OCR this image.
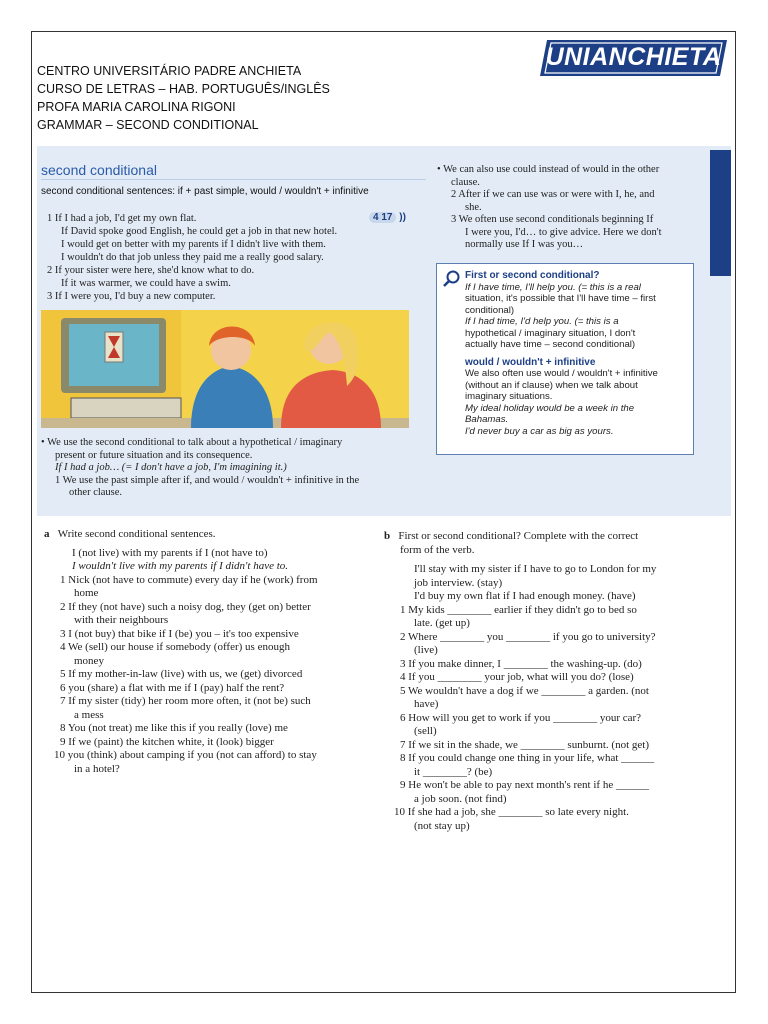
CENTRO UNIVERSITÁRIO PADRE ANCHIETA
CURSO DE LETRAS – HAB. PORTUGUÊS/INGLÊS
PROFA MARIA CAROLINA RIGONI
GRAMMAR – SECOND CONDITIONAL
UNIANCHIETA
second conditional
second conditional sentences: if + past simple, would / wouldn't + infinitive
4 17 ))
1 If I had a job, I'd get my own flat.
If David spoke good English, he could get a job in that new hotel.
I would get on better with my parents if I didn't live with them.
I wouldn't do that job unless they paid me a really good salary.
2 If your sister were here, she'd know what to do.
If it was warmer, we could have a swim.
3 If I were you, I'd buy a new computer.
• We use the second conditional to talk about a hypothetical / imaginary
present or future situation and its consequence.
If I had a job… (= I don't have a job, I'm imagining it.)
1 We use the past simple after if, and would / wouldn't + infinitive in the
other clause.
• We can also use could instead of would in the other
clause.
2 After if we can use was or were with I, he, and
she.
3 We often use second conditionals beginning If
I were you, I'd… to give advice. Here we don't
normally use If I was you…
First or second conditional?
If I have time, I'll help you. (= this is a real
situation, it's possible that I'll have time – first
conditional)
If I had time, I'd help you. (= this is a
hypothetical / imaginary situation, I don't
actually have time – second conditional)
would / wouldn't + infinitive
We also often use would / wouldn't + infinitive
(without an if clause) when we talk about
imaginary situations.
My ideal holiday would be a week in the
Bahamas.
I'd never buy a car as big as yours.
a Write second conditional sentences.
I (not live) with my parents if I (not have to)
I wouldn't live with my parents if I didn't have to.
1 Nick (not have to commute) every day if he (work) from
home
2 If they (not have) such a noisy dog, they (get on) better
with their neighbours
3 I (not buy) that bike if I (be) you – it's too expensive
4 We (sell) our house if somebody (offer) us enough
money
5 If my mother-in-law (live) with us, we (get) divorced
6 you (share) a flat with me if I (pay) half the rent?
7 If my sister (tidy) her room more often, it (not be) such
a mess
8 You (not treat) me like this if you really (love) me
9 If we (paint) the kitchen white, it (look) bigger
10 you (think) about camping if you (not can afford) to stay
in a hotel?
b First or second conditional? Complete with the correct
form of the verb.
I'll stay with my sister if I have to go to London for my
job interview. (stay)
I'd buy my own flat if I had enough money. (have)
1 My kids ________ earlier if they didn't go to bed so
late. (get up)
2 Where ________ you ________ if you go to university?
(live)
3 If you make dinner, I ________ the washing-up. (do)
4 If you ________ your job, what will you do? (lose)
5 We wouldn't have a dog if we ________ a garden. (not
have)
6 How will you get to work if you ________ your car?
(sell)
7 If we sit in the shade, we ________ sunburnt. (not get)
8 If you could change one thing in your life, what ______
it ________? (be)
9 He won't be able to pay next month's rent if he ______
a job soon. (not find)
10 If she had a job, she ________ so late every night.
(not stay up)
